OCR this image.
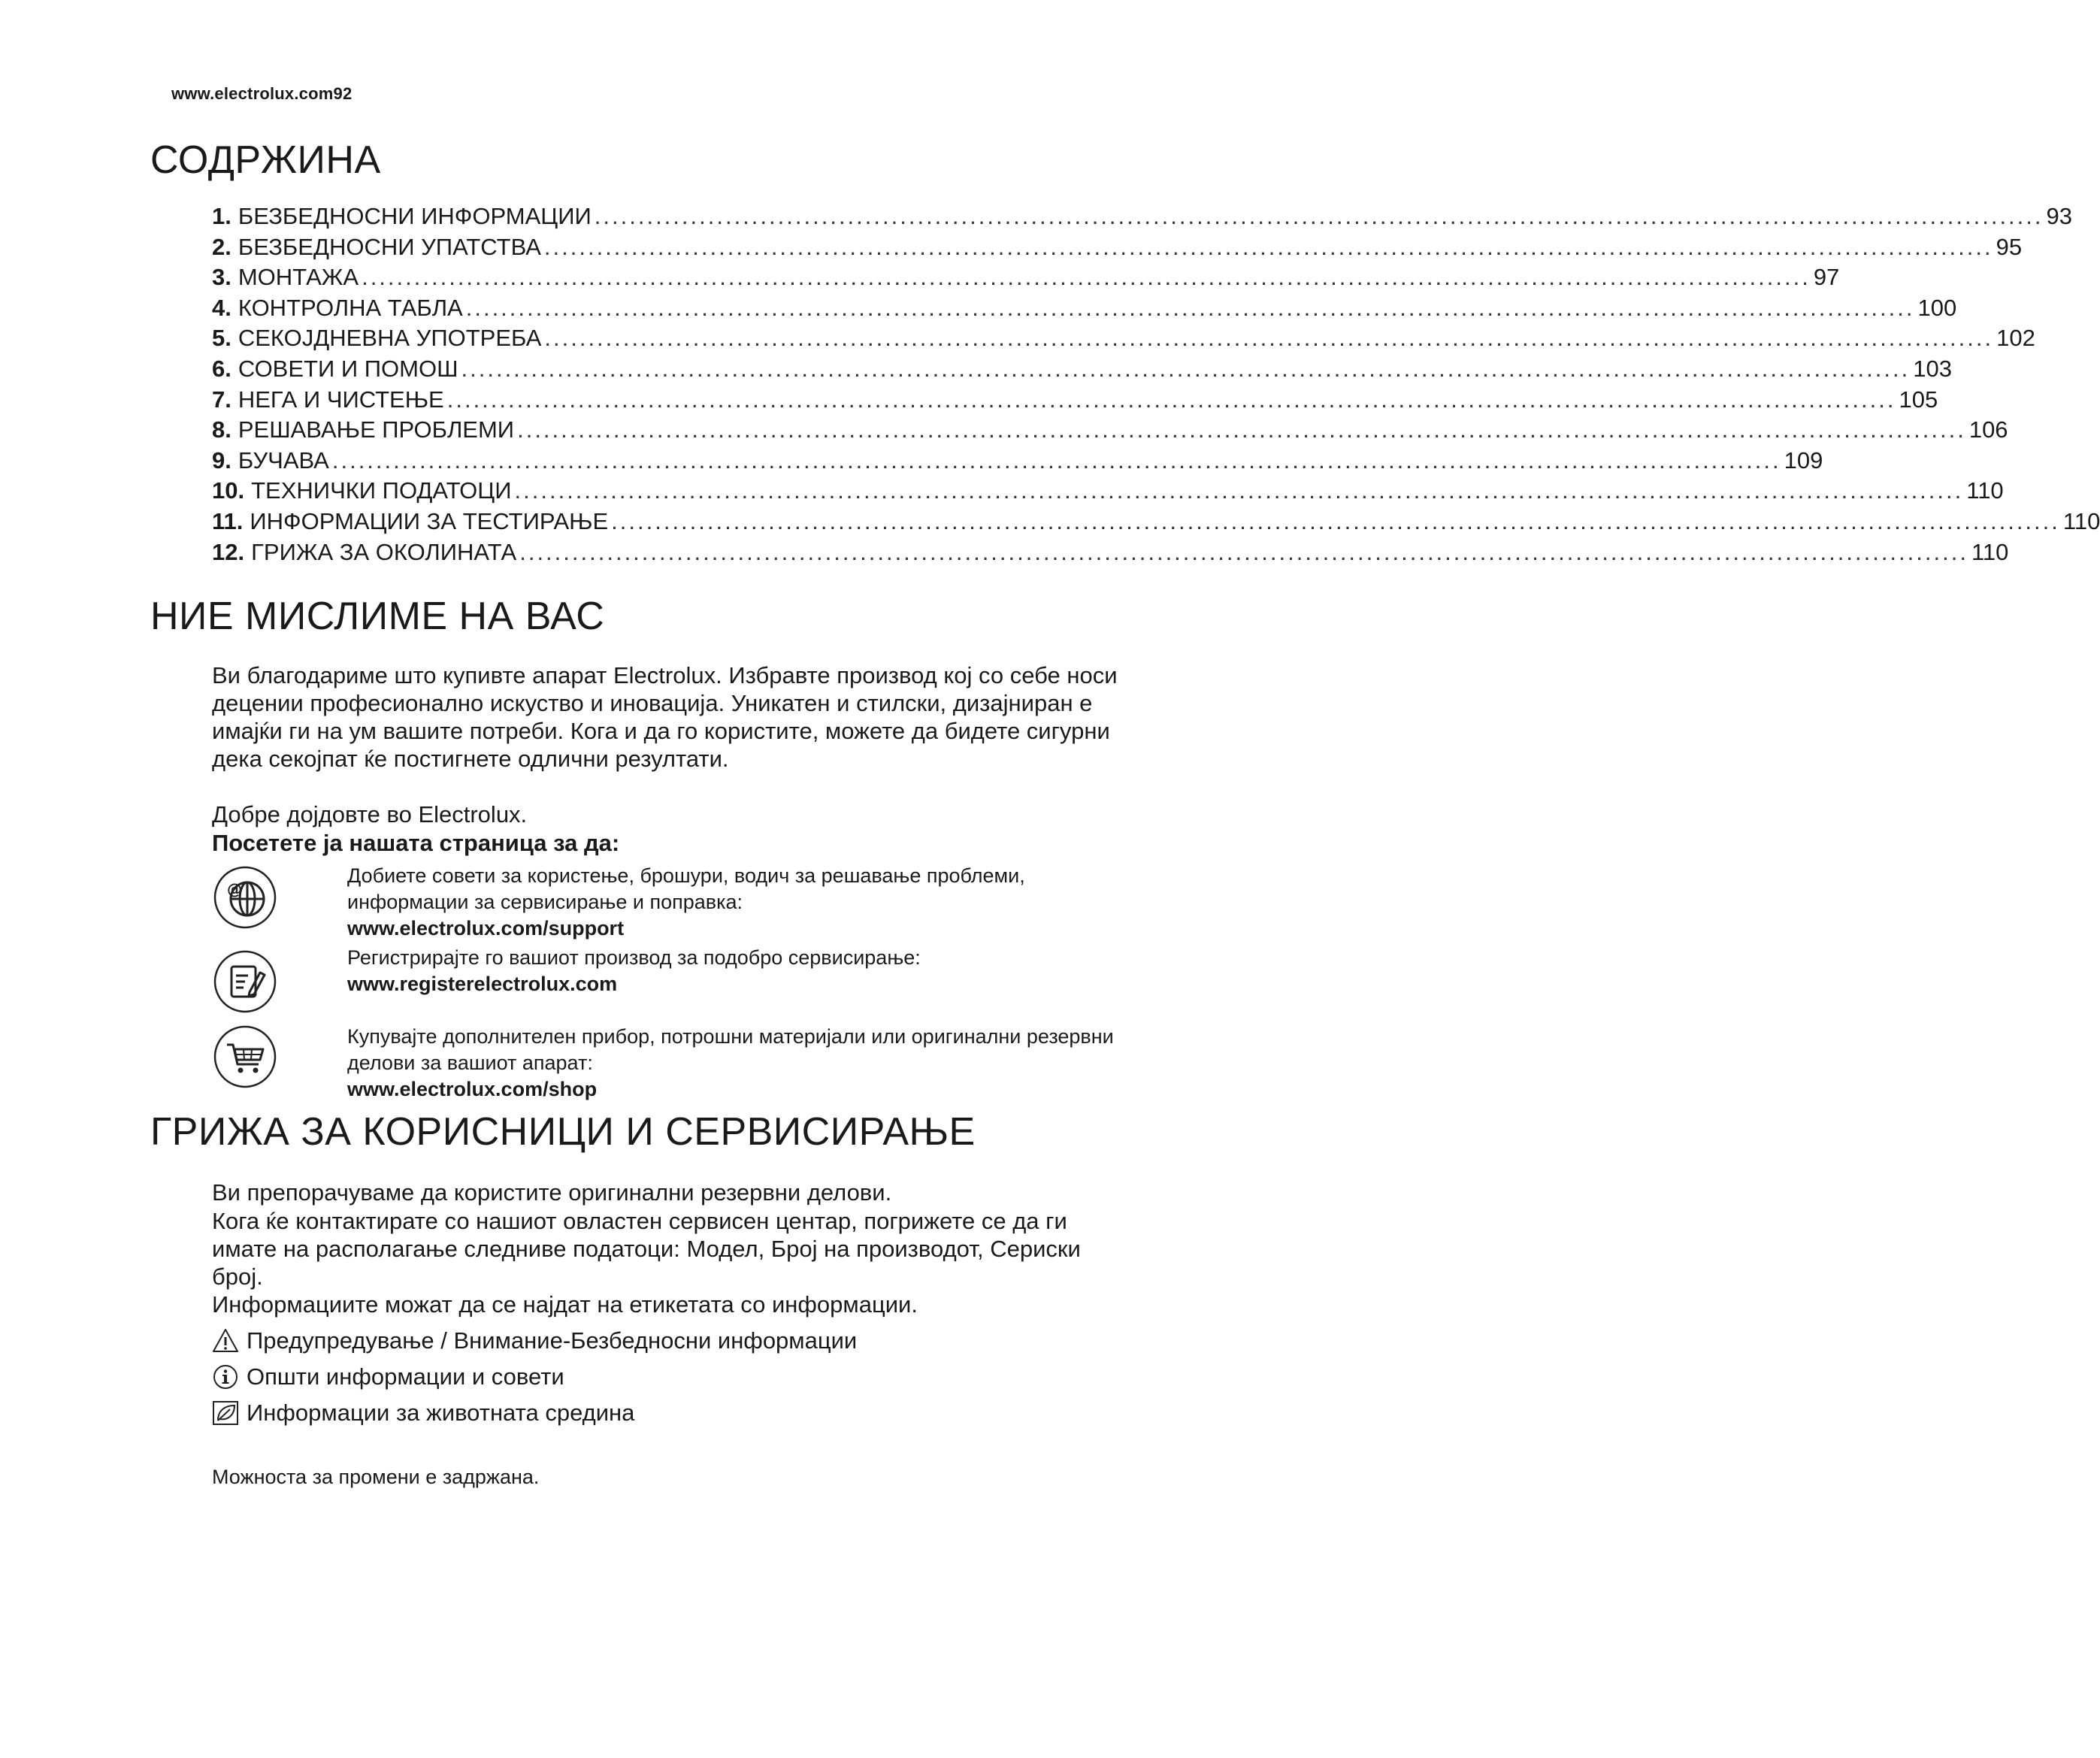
www.electrolux.com92
СОДРЖИНА
1. БЕЗБЕДНОСНИ ИНФОРМАЦИИ ...................................................................................................................................................................... 93
2. БЕЗБЕДНОСНИ УПАТСТВА ...................................................................................................................................................................... 95
3. МОНТАЖА ...................................................................................................................................................................... 97
4. КОНТРОЛНА ТАБЛА ...................................................................................................................................................................... 100
5. СЕКОЈДНЕВНА УПОТРЕБА ...................................................................................................................................................................... 102
6. СОВЕТИ И ПОМОШ ...................................................................................................................................................................... 103
7. НЕГА И ЧИСТЕЊЕ ...................................................................................................................................................................... 105
8. РЕШАВАЊЕ ПРОБЛЕМИ ...................................................................................................................................................................... 106
9. БУЧАВА ...................................................................................................................................................................... 109
10. ТЕХНИЧКИ ПОДАТОЦИ ...................................................................................................................................................................... 110
11. ИНФОРМАЦИИ ЗА ТЕСТИРАЊЕ ...................................................................................................................................................................... 110
12. ГРИЖА ЗА ОКОЛИНАТА ...................................................................................................................................................................... 110
НИЕ МИСЛИМЕ НА ВАС

Ви благодариме што купивте апарат Electrolux. Избравте производ кој со себе носи децении професионално искуство и иновација. Уникатен и стилски, дизајниран е имајќи ги на ум вашите потреби. Кога и да го користите, можете да бидете сигурни дека секојпат ќе постигнете одлични резултати.

Добре дојдовте во Electrolux.

Посетете ја нашата страница за да:

@
Добиете совети за користење, брошури, водич за решавање проблеми, информации за сервисирање и поправка:
www.electrolux.com/support
Регистрирајте го вашиот производ за подобро сервисирање:
www.registerelectrolux.com
Купувајте дополнителен прибор, потрошни материјали или оригинални резервни делови за вашиот апарат:
www.electrolux.com/shop
ГРИЖА ЗА КОРИСНИЦИ И СЕРВИСИРАЊЕ

Ви препорачуваме да користите оригинални резервни делови.

Кога ќе контактирате со нашиот овластен сервисен центар, погрижете се да ги имате на располагање следниве податоци: Модел, Број на производот, Сериски број.

Информациите можат да се најдат на етикетата со информации.

Предупредување / Внимание-Безбедносни информации
Општи информации и совети
Информации за животната средина
Можноста за промени е задржана.
